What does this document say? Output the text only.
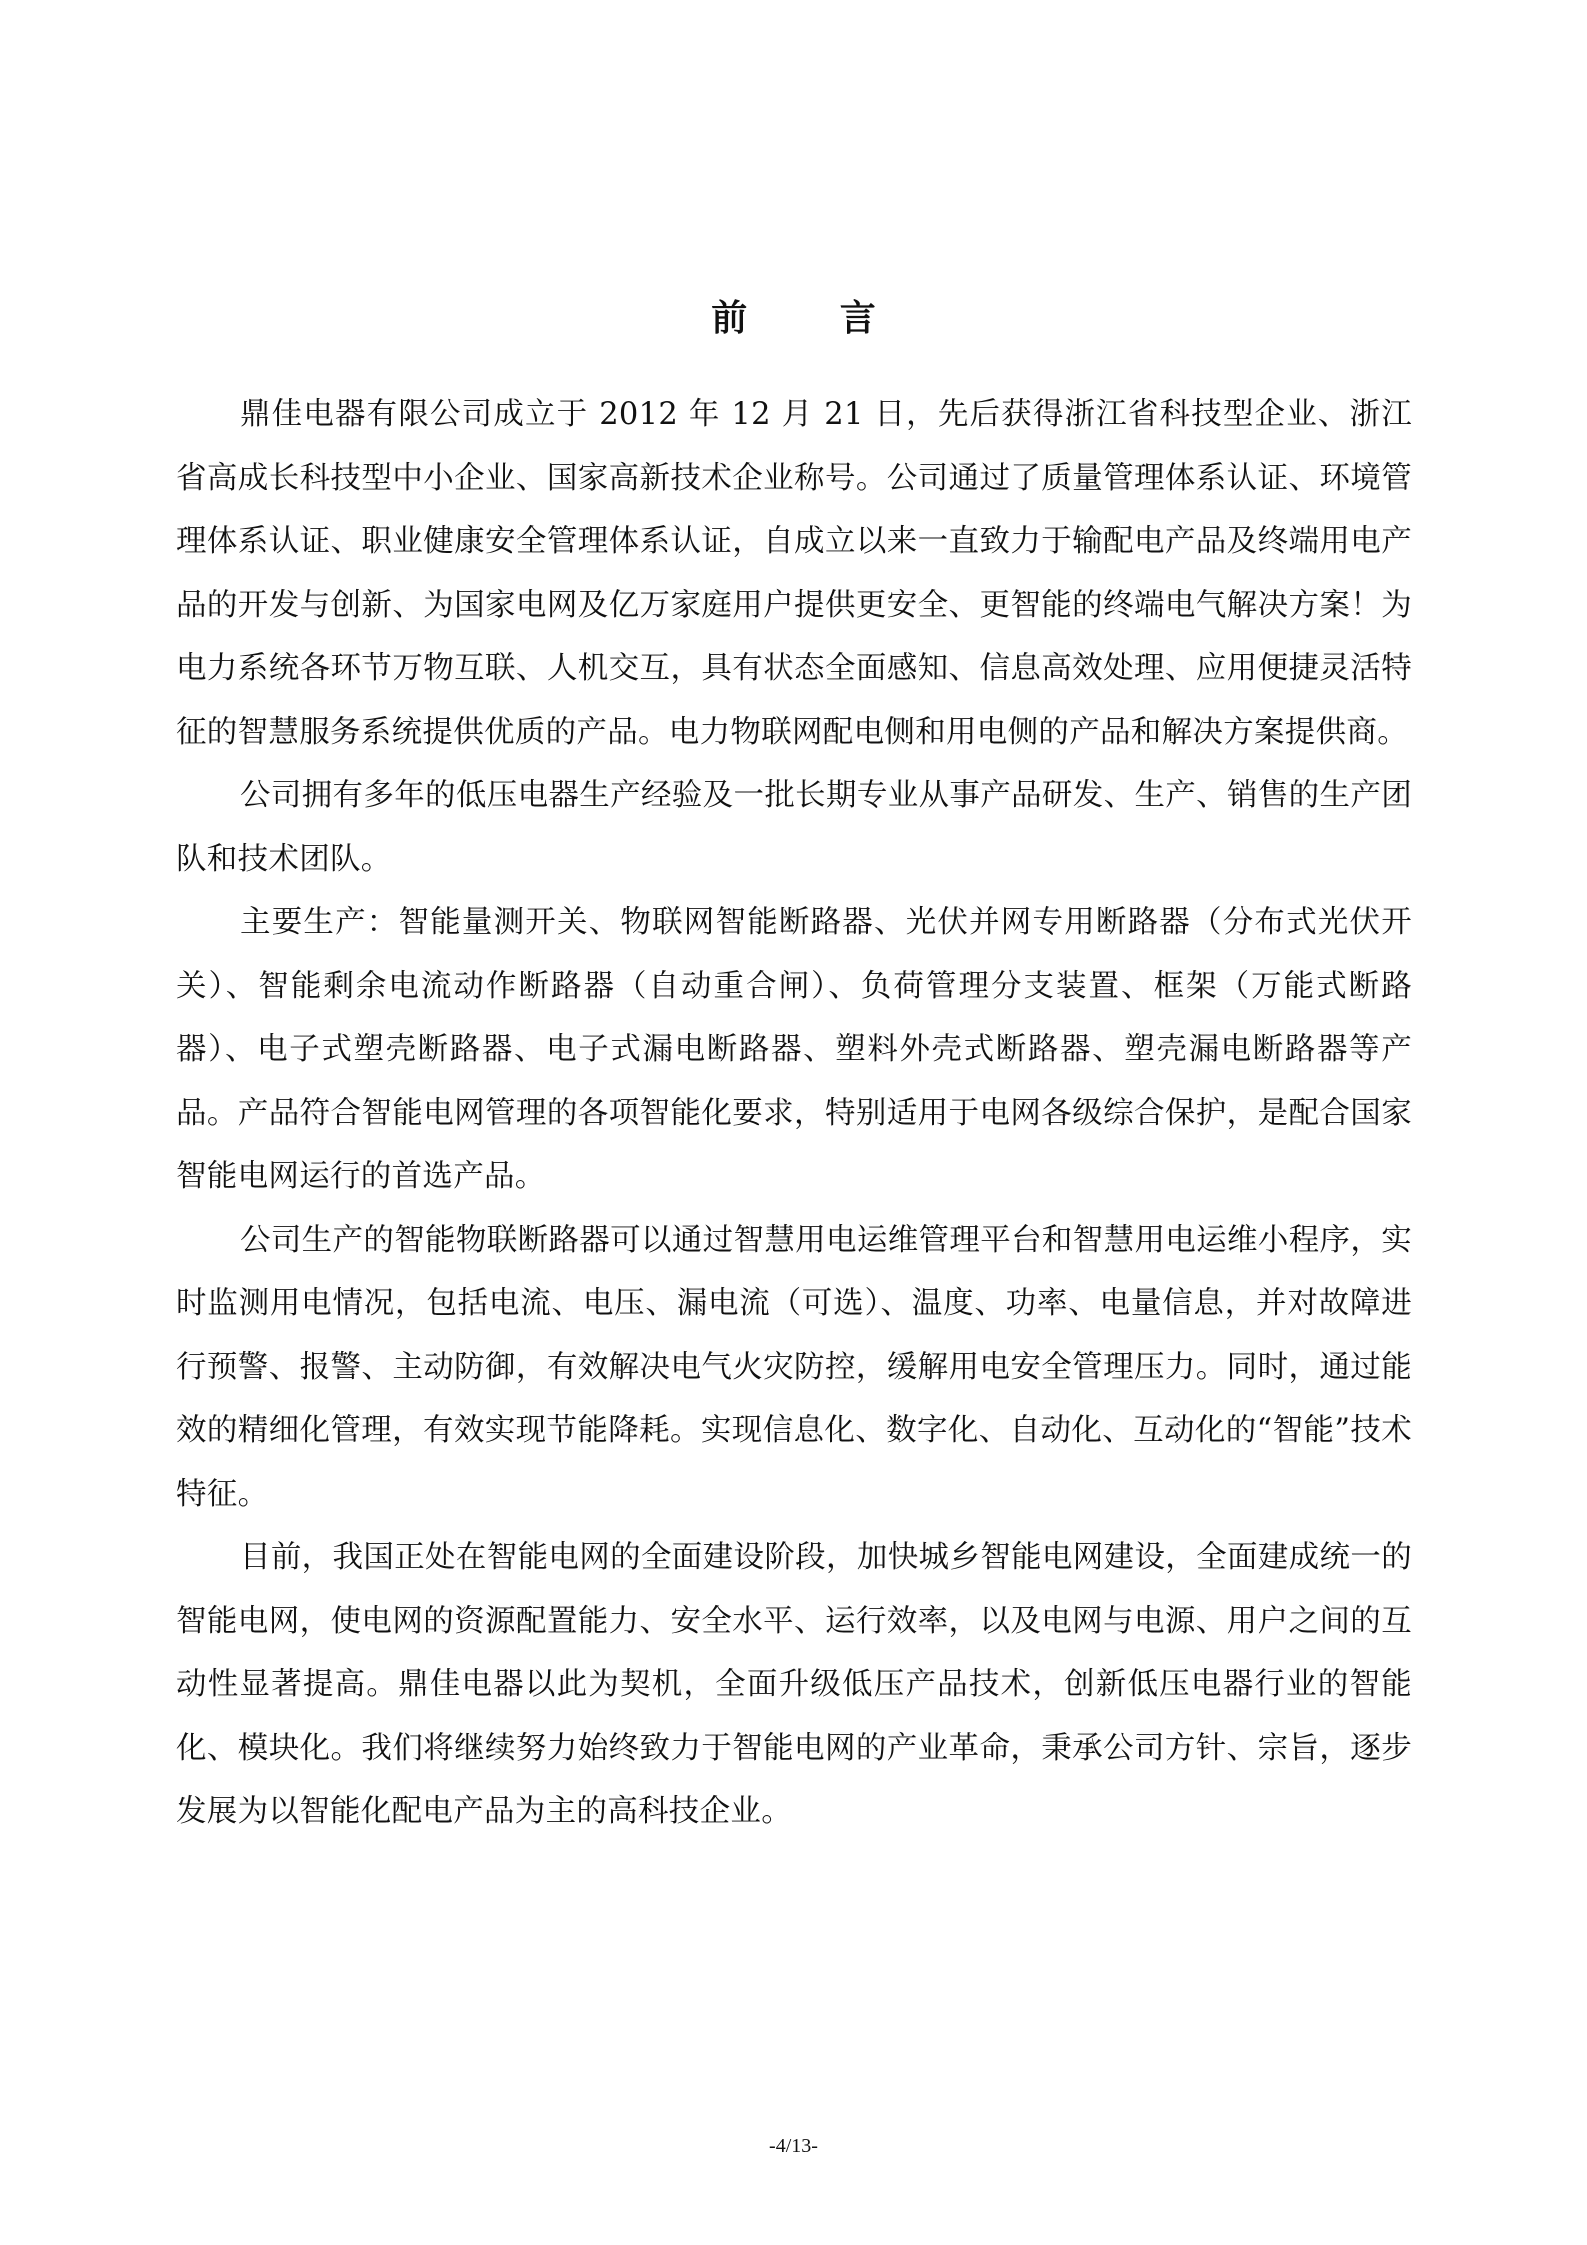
前 言

鼎佳电器有限公司成立于 2012 年 12 月 21 日，先后获得浙江省科技型企业、浙江省高成长科技型中小企业、国家高新技术企业称号。公司通过了质量管理体系认证、环境管理体系认证、职业健康安全管理体系认证，自成立以来一直致力于输配电产品及终端用电产品的开发与创新、为国家电网及亿万家庭用户提供更安全、更智能的终端电气解决方案！为电力系统各环节万物互联、人机交互，具有状态全面感知、信息高效处理、应用便捷灵活特征的智慧服务系统提供优质的产品。电力物联网配电侧和用电侧的产品和解决方案提供商。

公司拥有多年的低压电器生产经验及一批长期专业从事产品研发、生产、销售的生产团队和技术团队。

主要生产：智能量测开关、物联网智能断路器、光伏并网专用断路器（分布式光伏开关）、智能剩余电流动作断路器（自动重合闸）、负荷管理分支装置、框架（万能式断路器）、电子式塑壳断路器、电子式漏电断路器、塑料外壳式断路器、塑壳漏电断路器等产品。产品符合智能电网管理的各项智能化要求，特别适用于电网各级综合保护，是配合国家智能电网运行的首选产品。

公司生产的智能物联断路器可以通过智慧用电运维管理平台和智慧用电运维小程序，实时监测用电情况，包括电流、电压、漏电流（可选）、温度、功率、电量信息，并对故障进行预警、报警、主动防御，有效解决电气火灾防控，缓解用电安全管理压力。同时，通过能效的精细化管理，有效实现节能降耗。实现信息化、数字化、自动化、互动化的“智能”技术特征。

目前，我国正处在智能电网的全面建设阶段，加快城乡智能电网建设，全面建成统一的智能电网，使电网的资源配置能力、安全水平、运行效率，以及电网与电源、用户之间的互动性显著提高。鼎佳电器以此为契机，全面升级低压产品技术，创新低压电器行业的智能化、模块化。我们将继续努力始终致力于智能电网的产业革命，秉承公司方针、宗旨，逐步发展为以智能化配电产品为主的高科技企业。

-4/13-
